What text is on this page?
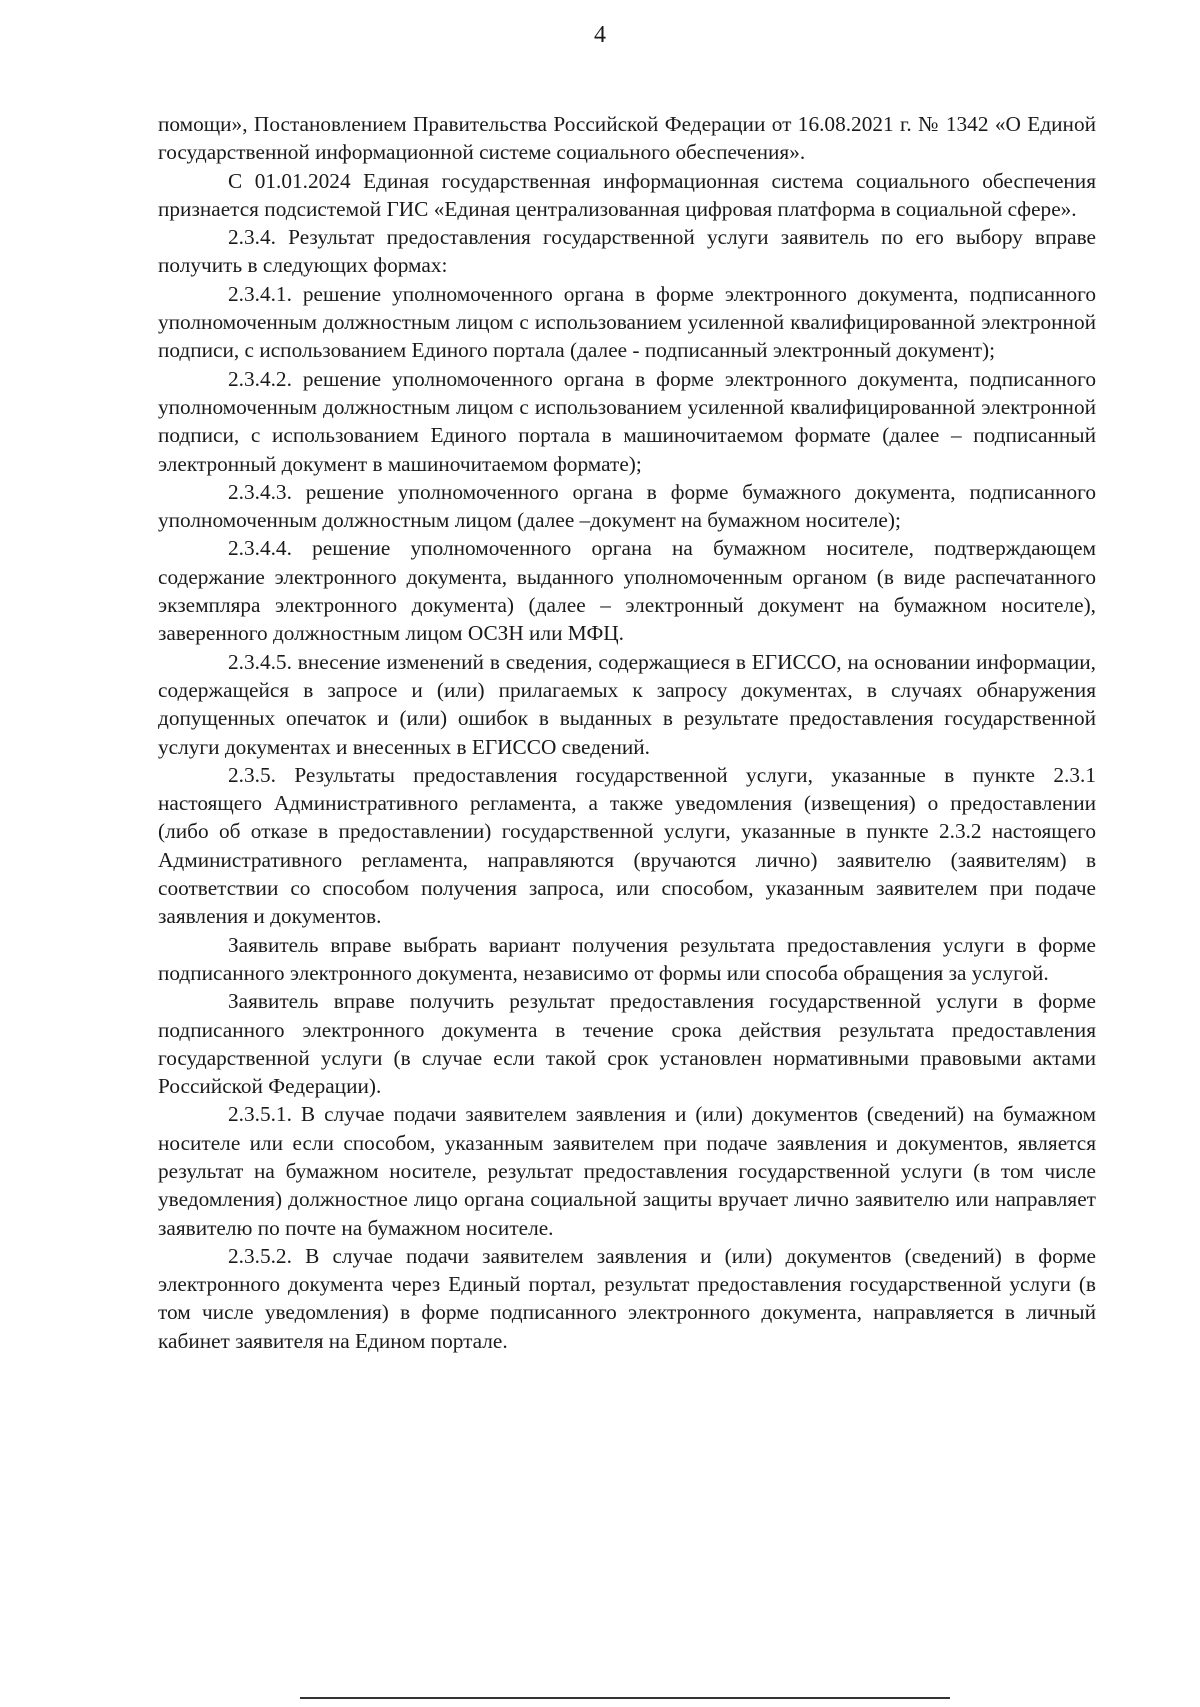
4

помощи», Постановлением Правительства Российской Федерации от 16.08.2021 г. № 1342 «О Единой государственной информационной системе социального обеспечения».

С 01.01.2024 Единая государственная информационная система социального обеспечения признается подсистемой ГИС «Единая централизованная цифровая платформа в социальной сфере».

2.3.4. Результат предоставления государственной услуги заявитель по его выбору вправе получить в следующих формах:

2.3.4.1. решение уполномоченного органа в форме электронного документа, подписанного уполномоченным должностным лицом с использованием усиленной квалифицированной электронной подписи, с использованием Единого портала (далее - подписанный электронный документ);

2.3.4.2. решение уполномоченного органа в форме электронного документа, подписанного уполномоченным должностным лицом с использованием усиленной квалифицированной электронной подписи, с использованием Единого портала в машиночитаемом формате (далее – подписанный электронный документ в машиночитаемом формате);

2.3.4.3. решение уполномоченного органа в форме бумажного документа, подписанного уполномоченным должностным лицом (далее –документ на бумажном носителе);

2.3.4.4. решение уполномоченного органа на бумажном носителе, подтверждающем содержание электронного документа, выданного уполномоченным органом (в виде распечатанного экземпляра электронного документа) (далее – электронный документ на бумажном носителе), заверенного должностным лицом ОСЗН или МФЦ.

2.3.4.5. внесение изменений в сведения, содержащиеся в ЕГИССО, на основании информации, содержащейся в запросе и (или) прилагаемых к запросу документах, в случаях обнаружения допущенных опечаток и (или) ошибок в выданных в результате предоставления государственной услуги документах и внесенных в ЕГИССО сведений.

2.3.5. Результаты предоставления государственной услуги, указанные в пункте 2.3.1 настоящего Административного регламента, а также уведомления (извещения) о предоставлении (либо об отказе в предоставлении) государственной услуги, указанные в пункте 2.3.2 настоящего Административного регламента, направляются (вручаются лично) заявителю (заявителям) в соответствии со способом получения запроса, или способом, указанным заявителем при подаче заявления и документов.

Заявитель вправе выбрать вариант получения результата предоставления услуги в форме подписанного электронного документа, независимо от формы или способа обращения за услугой.

Заявитель вправе получить результат предоставления государственной услуги в форме подписанного электронного документа в течение срока действия результата предоставления государственной услуги (в случае если такой срок установлен нормативными правовыми актами Российской Федерации).

2.3.5.1. В случае подачи заявителем заявления и (или) документов (сведений) на бумажном носителе или если способом, указанным заявителем при подаче заявления и документов, является результат на бумажном носителе, результат предоставления государственной услуги (в том числе уведомления) должностное лицо органа социальной защиты вручает лично заявителю или направляет заявителю по почте на бумажном носителе.

2.3.5.2. В случае подачи заявителем заявления и (или) документов (сведений) в форме электронного документа через Единый портал, результат предоставления государственной услуги (в том числе уведомления) в форме подписанного электронного документа, направляется в личный кабинет заявителя на Едином портале.
